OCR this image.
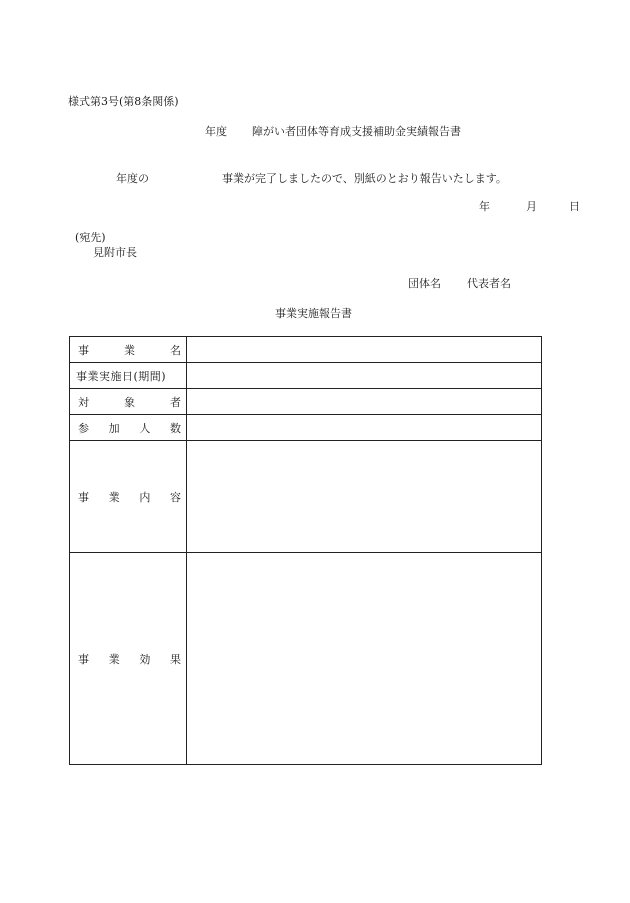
様式第3号(第8条関係)
年度 障がい者団体等育成支援補助金実績報告書
年度の	事業が完了しましたので、別紙のとおり報告いたします。
年	月	日
(宛先)
見附市長
団体名 代表者名
事業実施報告書
事 業 名	

事業実施日(期間)	

対 象 者	

参 加 人 数	

事 業 内 容	

事 業 効 果	
